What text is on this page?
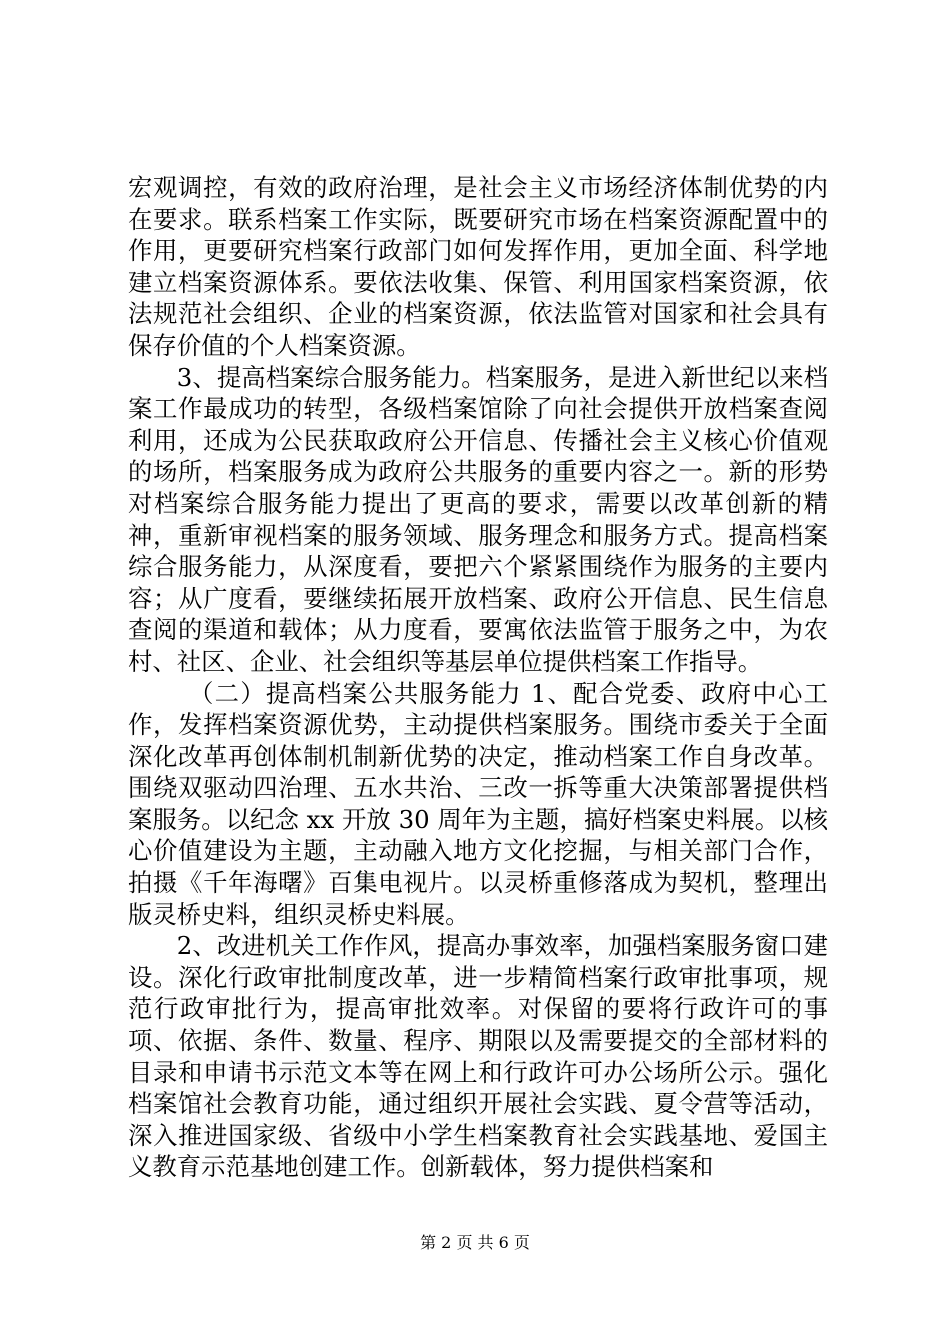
宏观调控，有效的政府治理，是社会主义市场经济体制优势的内在要求。联系档案工作实际，既要研究市场在档案资源配置中的作用，更要研究档案行政部门如何发挥作用，更加全面、科学地建立档案资源体系。要依法收集、保管、利用国家档案资源，依法规范社会组织、企业的档案资源，依法监管对国家和社会具有保存价值的个人档案资源。

3、提高档案综合服务能力。档案服务，是进入新世纪以来档案工作最成功的转型，各级档案馆除了向社会提供开放档案查阅利用，还成为公民获取政府公开信息、传播社会主义核心价值观的场所，档案服务成为政府公共服务的重要内容之一。新的形势对档案综合服务能力提出了更高的要求，需要以改革创新的精神，重新审视档案的服务领域、服务理念和服务方式。提高档案综合服务能力，从深度看，要把六个紧紧围绕作为服务的主要内容；从广度看，要继续拓展开放档案、政府公开信息、民生信息查阅的渠道和载体；从力度看，要寓依法监管于服务之中，为农村、社区、企业、社会组织等基层单位提供档案工作指导。

（二）提高档案公共服务能力 1、配合党委、政府中心工作，发挥档案资源优势，主动提供档案服务。围绕市委关于全面深化改革再创体制机制新优势的决定，推动档案工作自身改革。围绕双驱动四治理、五水共治、三改一拆等重大决策部署提供档案服务。以纪念 xx 开放 30 周年为主题，搞好档案史料展。以核心价值建设为主题，主动融入地方文化挖掘，与相关部门合作，拍摄《千年海曙》百集电视片。以灵桥重修落成为契机，整理出版灵桥史料，组织灵桥史料展。

2、改进机关工作作风，提高办事效率，加强档案服务窗口建设。深化行政审批制度改革，进一步精简档案行政审批事项，规范行政审批行为，提高审批效率。对保留的要将行政许可的事项、依据、条件、数量、程序、期限以及需要提交的全部材料的目录和申请书示范文本等在网上和行政许可办公场所公示。强化档案馆社会教育功能，通过组织开展社会实践、夏令营等活动，深入推进国家级、省级中小学生档案教育社会实践基地、爱国主义教育示范基地创建工作。创新载体，努力提供档案和

第 2 页 共 6 页
